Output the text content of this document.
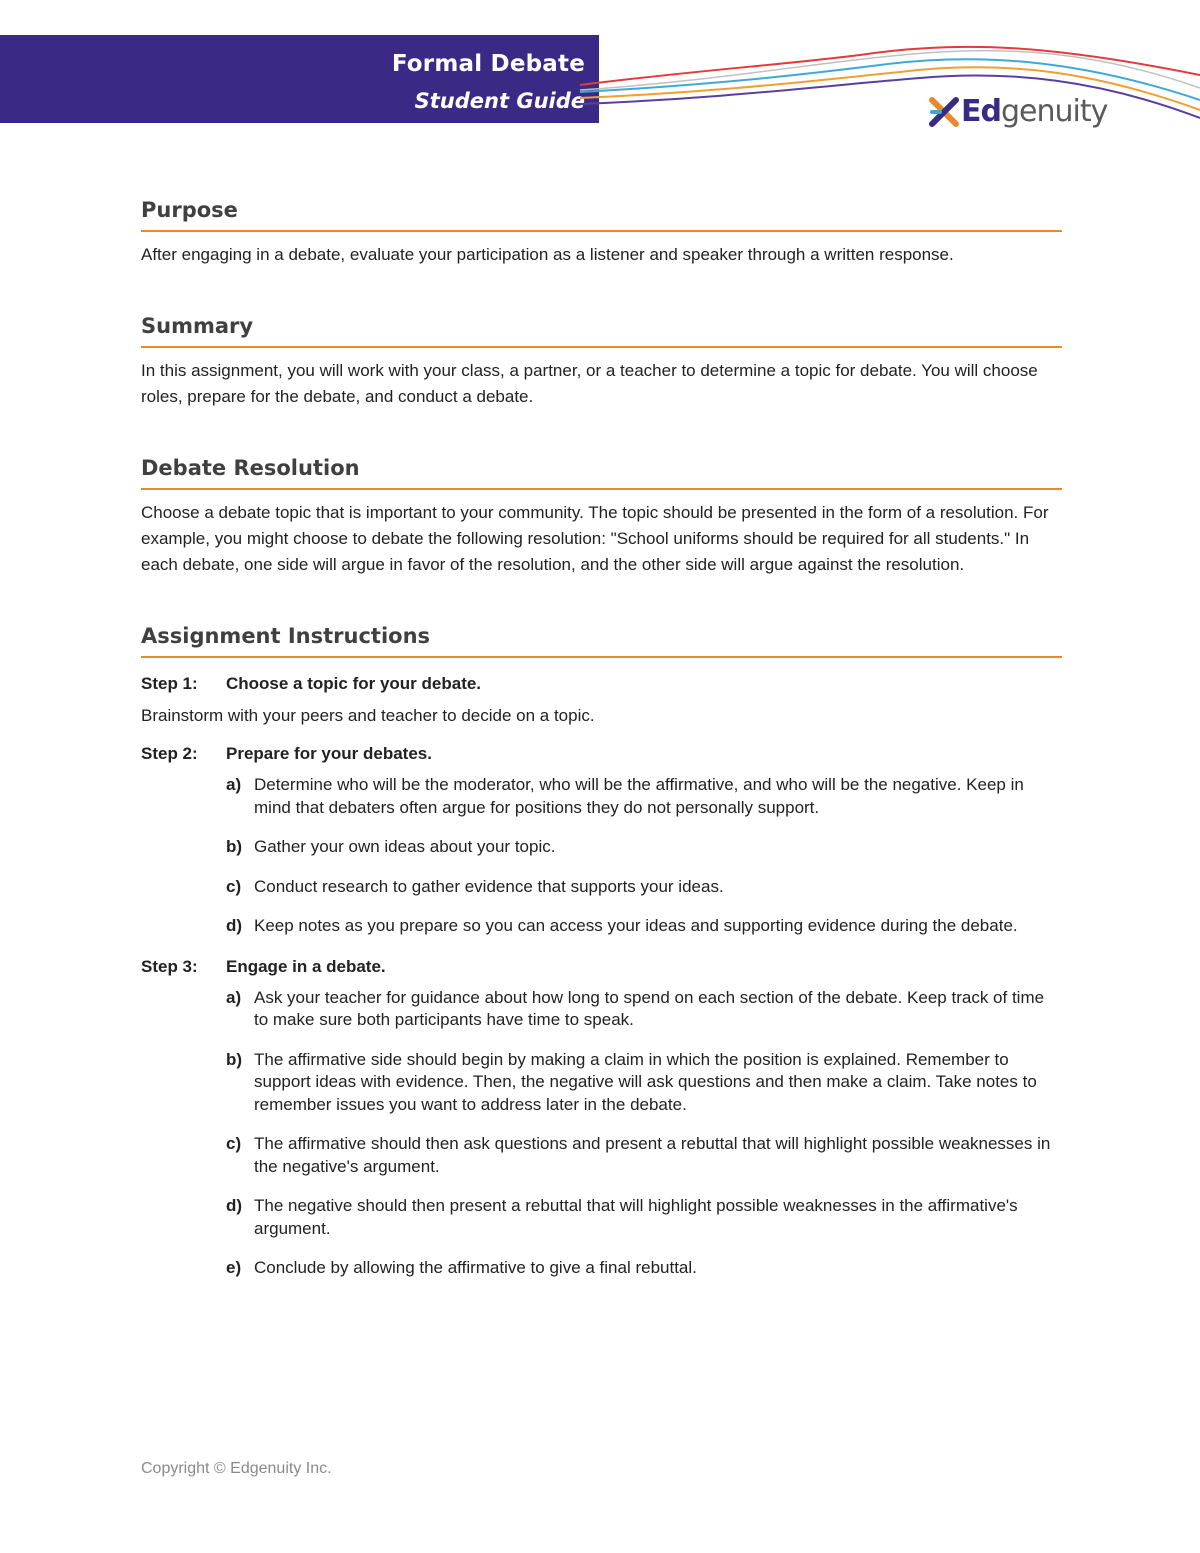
Formal Debate
Student Guide	Edgenuity
Purpose

After engaging in a debate, evaluate your participation as a listener and speaker through a written response.

Summary

In this assignment, you will work with your class, a partner, or a teacher to determine a topic for debate. You will choose roles, prepare for the debate, and conduct a debate.

Debate Resolution

Choose a debate topic that is important to your community. The topic should be presented in the form of a resolution. For example, you might choose to debate the following resolution: "School uniforms should be required for all students." In each debate, one side will argue in favor of the resolution, and the other side will argue against the resolution.

Assignment Instructions

Step 1: Choose a topic for your debate.

Brainstorm with your peers and teacher to decide on a topic.

Step 2: Prepare for your debates.

a) Determine who will be the moderator, who will be the affirmative, and who will be the negative. Keep in mind that debaters often argue for positions they do not personally support.
b) Gather your own ideas about your topic.
c) Conduct research to gather evidence that supports your ideas.
d) Keep notes as you prepare so you can access your ideas and supporting evidence during the debate.

Step 3: Engage in a debate.

a) Ask your teacher for guidance about how long to spend on each section of the debate. Keep track of time to make sure both participants have time to speak.
b) The affirmative side should begin by making a claim in which the position is explained. Remember to support ideas with evidence. Then, the negative will ask questions and then make a claim. Take notes to remember issues you want to address later in the debate.
c) The affirmative should then ask questions and present a rebuttal that will highlight possible weaknesses in the negative's argument.
d) The negative should then present a rebuttal that will highlight possible weaknesses in the affirmative's argument.
e) Conclude by allowing the affirmative to give a final rebuttal.
Copyright © Edgenuity Inc.
